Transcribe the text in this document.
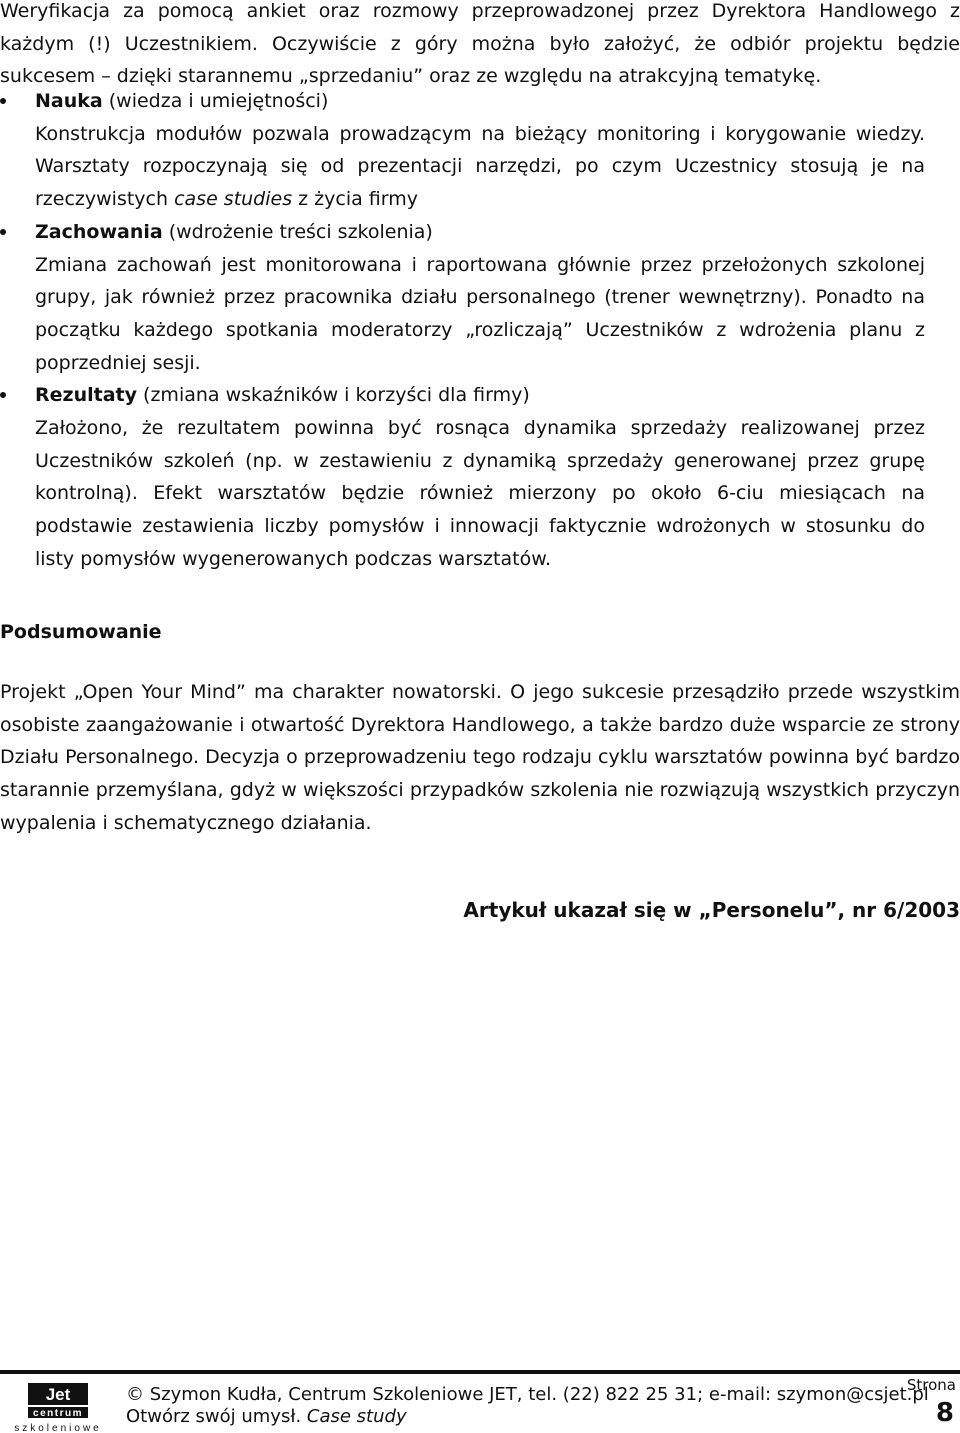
Weryfikacja za pomocą ankiet oraz rozmowy przeprowadzonej przez Dyrektora Handlowego z każdym (!) Uczestnikiem. Oczywiście z góry można było założyć, że odbiór projektu będzie sukcesem – dzięki starannemu „sprzedaniu” oraz ze względu na atrakcyjną tematykę.

Nauka (wiedza i umiejętności)

Konstrukcja modułów pozwala prowadzącym na bieżący monitoring i korygowanie wiedzy. Warsztaty rozpoczynają się od prezentacji narzędzi, po czym Uczestnicy stosują je na rzeczywistych case studies z życia firmy

Zachowania (wdrożenie treści szkolenia)

Zmiana zachowań jest monitorowana i raportowana głównie przez przełożonych szkolonej grupy, jak również przez pracownika działu personalnego (trener wewnętrzny). Ponadto na początku każdego spotkania moderatorzy „rozliczają” Uczestników z wdrożenia planu z poprzedniej sesji.

Rezultaty (zmiana wskaźników i korzyści dla firmy)

Założono, że rezultatem powinna być rosnąca dynamika sprzedaży realizowanej przez Uczestników szkoleń (np. w zestawieniu z dynamiką sprzedaży generowanej przez grupę kontrolną). Efekt warsztatów będzie również mierzony po około 6-ciu miesiącach na podstawie zestawienia liczby pomysłów i innowacji faktycznie wdrożonych w stosunku do listy pomysłów wygenerowanych podczas warsztatów.

Podsumowanie

Projekt „Open Your Mind” ma charakter nowatorski. O jego sukcesie przesądziło przede wszystkim osobiste zaangażowanie i otwartość Dyrektora Handlowego, a także bardzo duże wsparcie ze strony Działu Personalnego. Decyzja o przeprowadzeniu tego rodzaju cyklu warsztatów powinna być bardzo starannie przemyślana, gdyż w większości przypadków szkolenia nie rozwiązują wszystkich przyczyn wypalenia i schematycznego działania.

Artykuł ukazał się w „Personelu”, nr 6/2003
Jet
centrum
szkoleniowe
© Szymon Kudła, Centrum Szkoleniowe JET, tel. (22) 822 25 31; e-mail: szymon@csjet.pl
Otwórz swój umysł. Case study
Strona
8
